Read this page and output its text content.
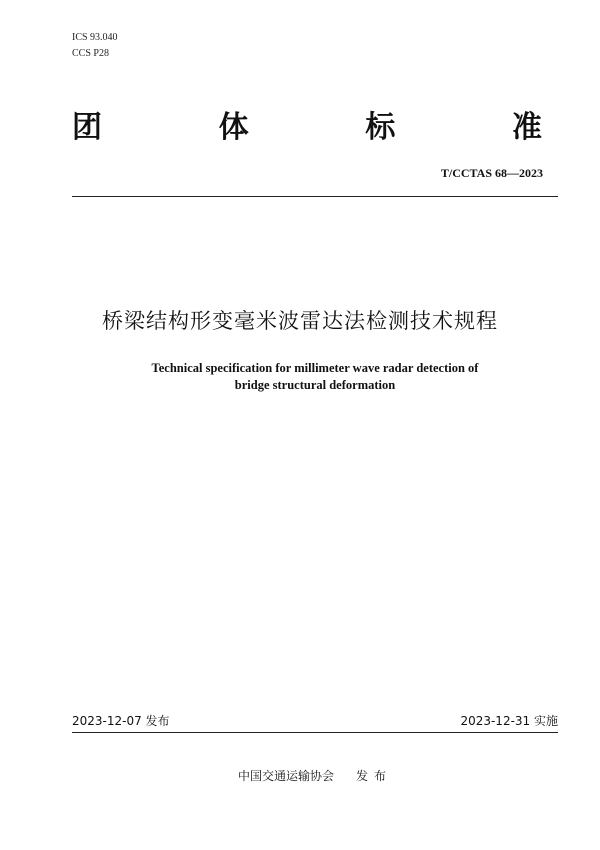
ICS 93.040
CCS P28
团	体	标	准
T/CCTAS 68—2023
桥梁结构形变毫米波雷达法检测技术规程
Technical specification for millimeter wave radar detection of
bridge structural deformation
2023-12-07 发布	2023-12-31 实施
中国交通运输协会 发布
